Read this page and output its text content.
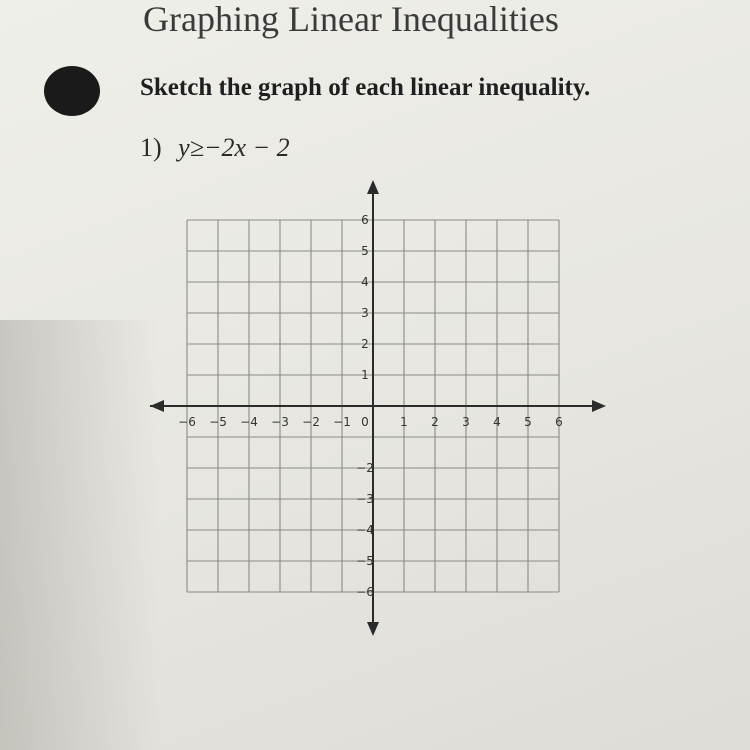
Graphing Linear Inequalities
Sketch the graph of each linear inequality.
1) y≥−2x − 2
−6 −5 −4 −3 −2 −1	1 2 3 4 5 6
0
6
5
4
3
2
1
−2
−3
−4
−5
−6
